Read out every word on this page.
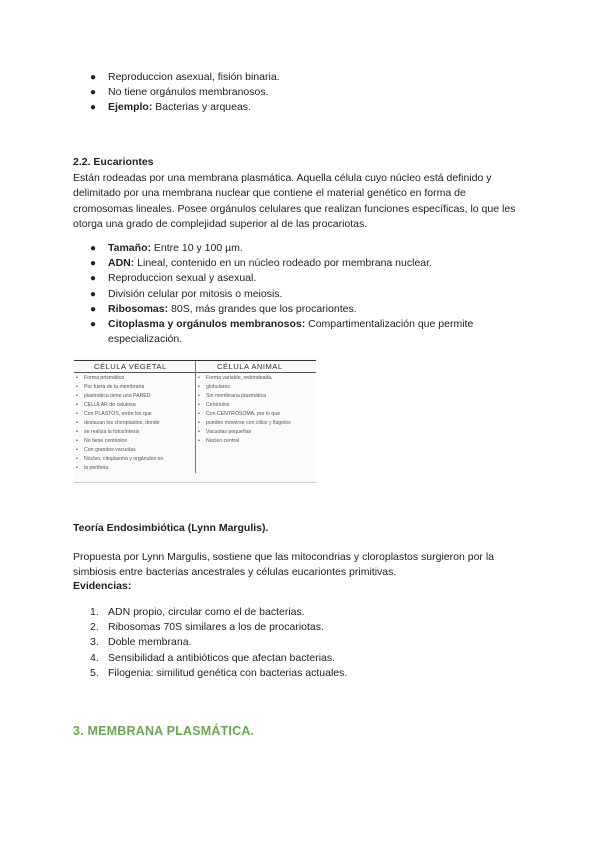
● Reproduccion asexual, fisión binaria.
● No tiene orgánulos membranosos.
● Ejemplo: Bacterias y arqueas.
2.2. Eucariontes
Están rodeadas por una membrana plasmática. Aquella célula cuyo núcleo está definido y delimitado por una membrana nuclear que contiene el material genético en forma de cromosomas lineales. Posee orgánulos celulares que realizan funciones específicas, lo que les otorga una grado de complejidad superior al de las procariotas.
● Tamaño: Entre 10 y 100 µm.
● ADN: Lineal, contenido en un núcleo rodeado por membrana nuclear.
● Reproduccion sexual y asexual.
● División celular por mitosis o meiosis.
● Ribosomas: 80S, más grandes que los procariontes.
● Citoplasma y orgánulos membranosos: Compartimentalización que permite especialización.
CÉLULA VEGETAL	CÉLULA ANIMAL
• Forma prismática
• Por fuera de la membrana
• plasmática tiene una PARED
• CELULAR de celulosa
• Con PLASTOS, entre los que
• destacan los cloroplastos, donde
• se realiza la fotosíntesis
• No tiene centriolos
• Con grandes vacuolas
• Núcleo, citoplasma y orgánulos en
• la periferia
• Forma variable, redondeada,
• globulares
• Sin membrana plasmática
• Centriolos
• Con CENTROSOMA, por lo que
• pueden moverse con cilios y flagelos
• Vacuolas pequeñas
• Núcleo central
Teoría Endosimbiótica (Lynn Margulis).
Propuesta por Lynn Margulis, sostiene que las mitocondrias y cloroplastos surgieron por la simbiosis entre bacterias ancestrales y células eucariontes primitivas.
Evidencias:
1. ADN propio, circular como el de bacterias.
2. Ribosomas 70S similares a los de procariotas.
3. Doble membrana.
4. Sensibilidad a antibióticos que afectan bacterias.
5. Filogenia: similitud genética con bacterias actuales.
3. MEMBRANA PLASMÁTICA.
